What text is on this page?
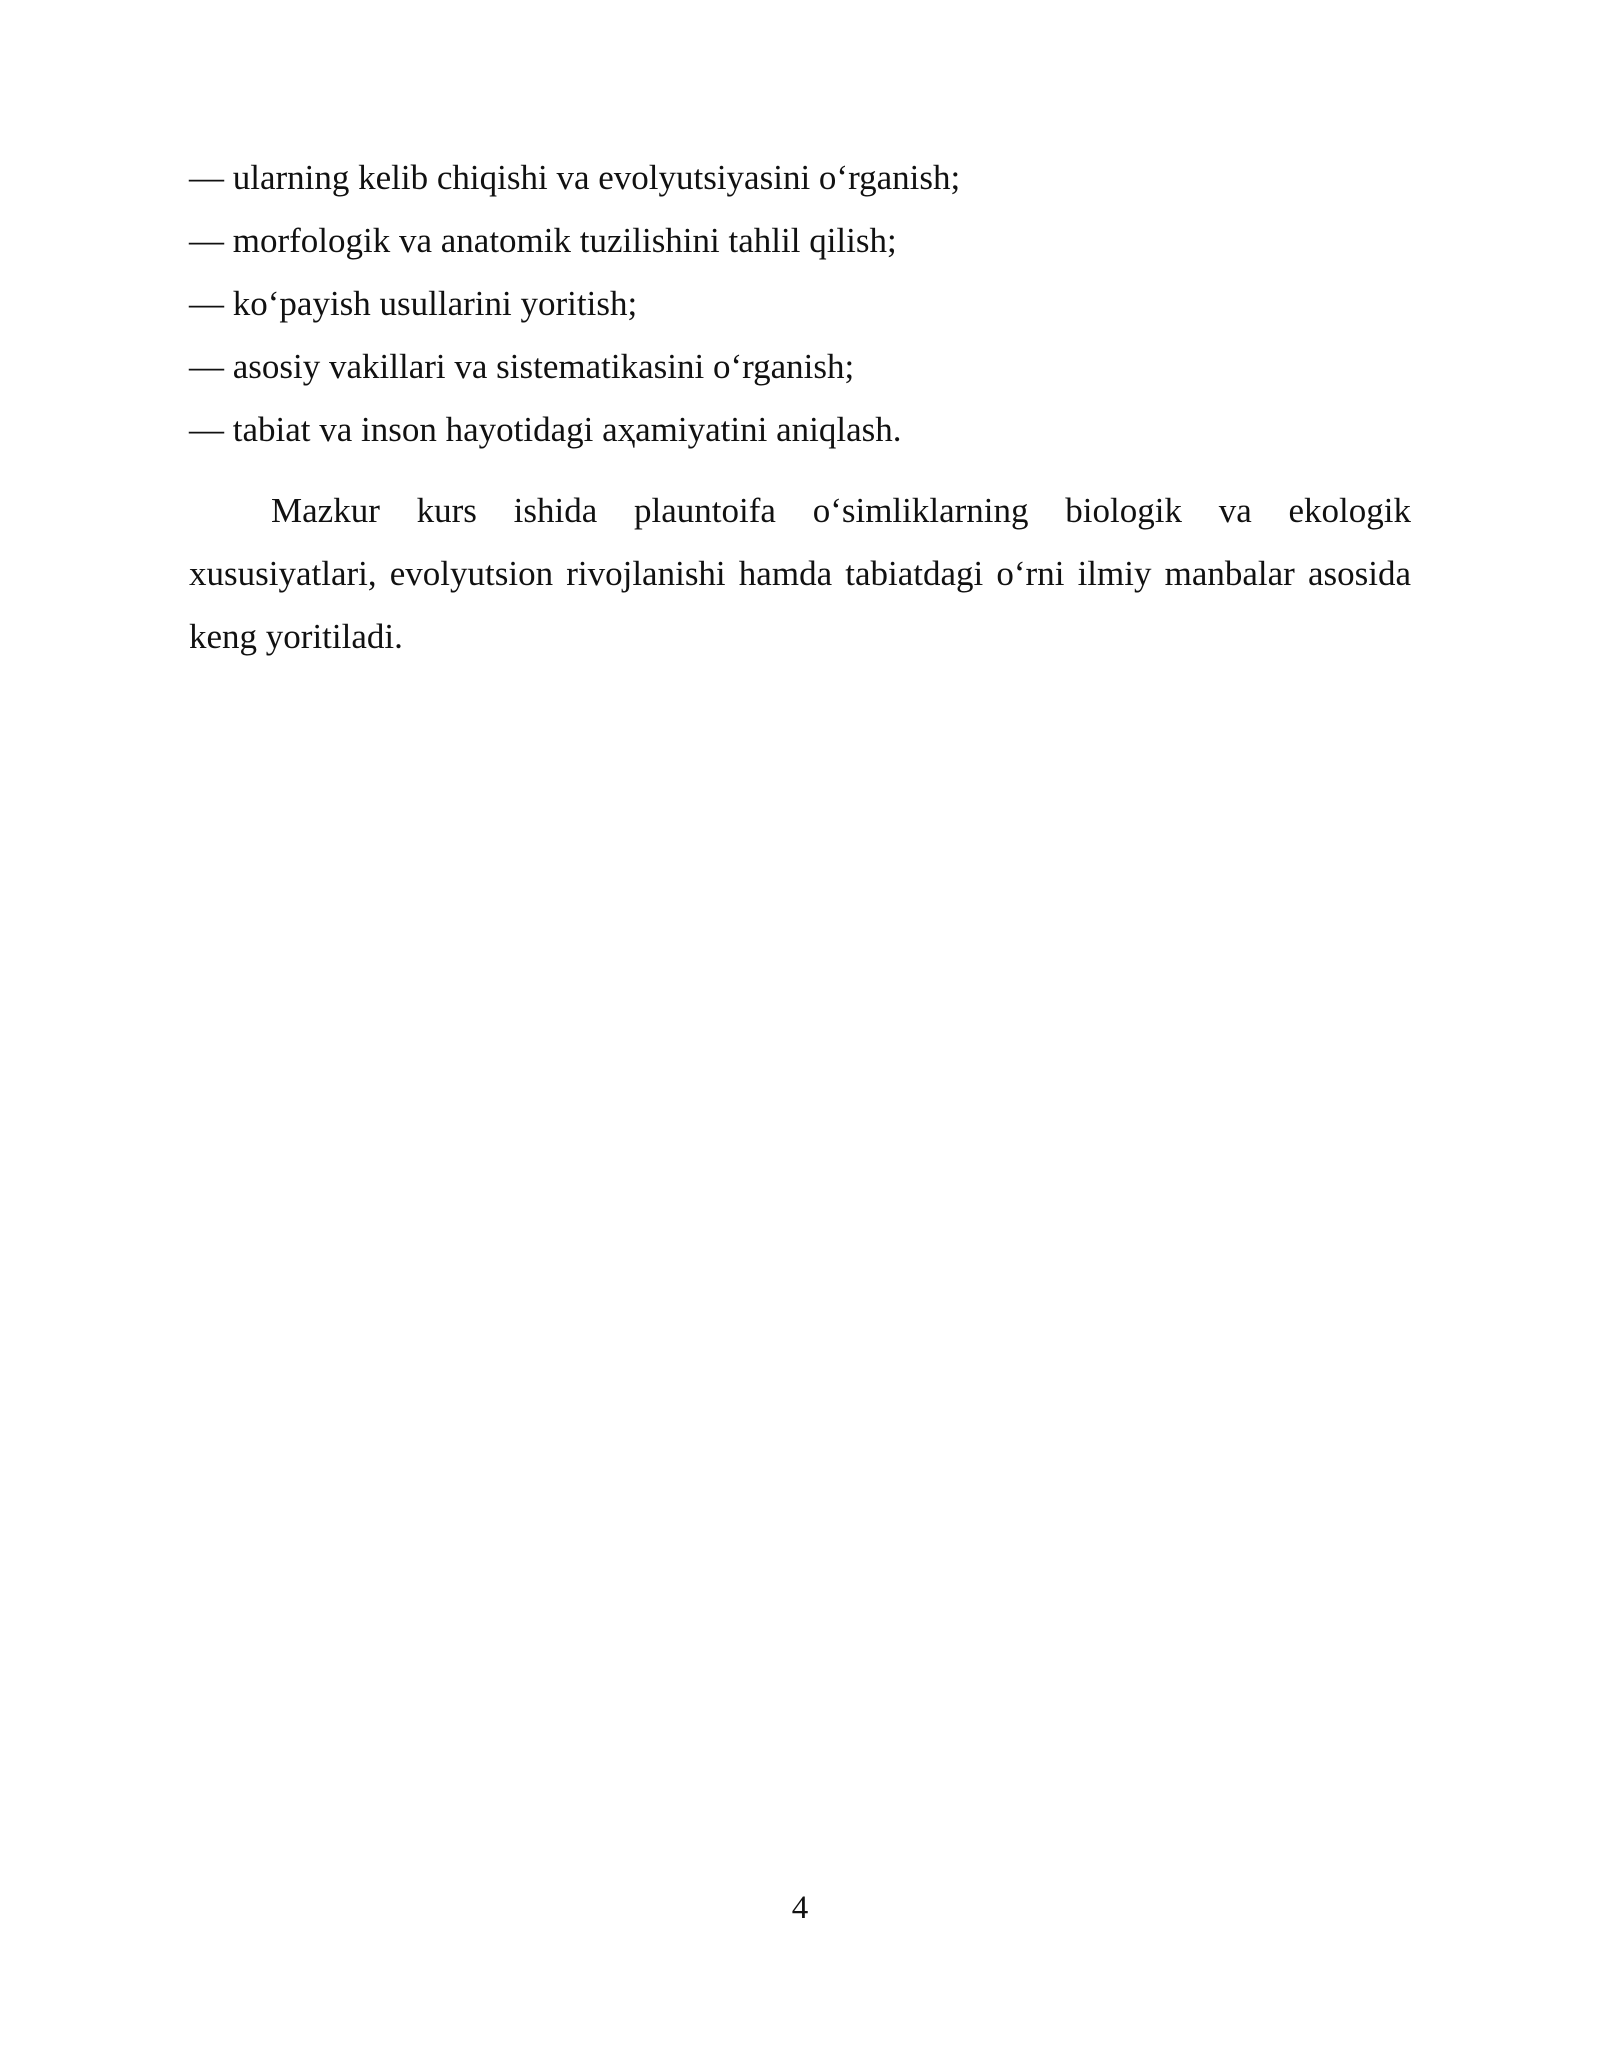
— ularning kelib chiqishi va evolyutsiyasini o‘rganish;
— morfologik va anatomik tuzilishini tahlil qilish;
— ko‘payish usullarini yoritish;
— asosiy vakillari va sistematikasini o‘rganish;
— tabiat va inson hayotidagi aҳamiyatini aniqlash.

Mazkur kurs ishida plauntoifa o‘simliklarning biologik va ekologik xususiyatlari, evolyutsion rivojlanishi hamda tabiatdagi o‘rni ilmiy manbalar asosida keng yoritiladi.

4
